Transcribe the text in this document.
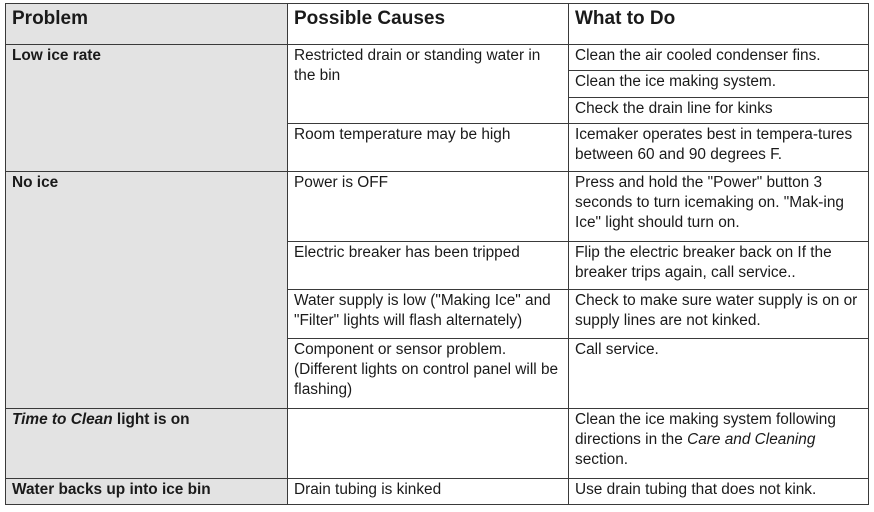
Problem	Possible Causes	What to Do
Low ice rate	Restricted drain or standing water in the bin	Clean the air cooled condenser fins.
		Clean the ice making system.
		Check the drain line for kinks
	Room temperature may be high	Icemaker operates best in tempera-tures between 60 and 90 degrees F.
No ice	Power is OFF	Press and hold the "Power" button 3 seconds to turn icemaking on. "Mak-ing Ice" light should turn on.
	Electric breaker has been tripped	Flip the electric breaker back on If the breaker trips again, call service..
	Water supply is low ("Making Ice" and "Filter" lights will flash alternately)	Check to make sure water supply is on or supply lines are not kinked.
	Component or sensor problem. (Different lights on control panel will be flashing)	Call service.
Time to Clean light is on		Clean the ice making system following directions in the Care and Cleaning section.
Water backs up into ice bin	Drain tubing is kinked	Use drain tubing that does not kink.
